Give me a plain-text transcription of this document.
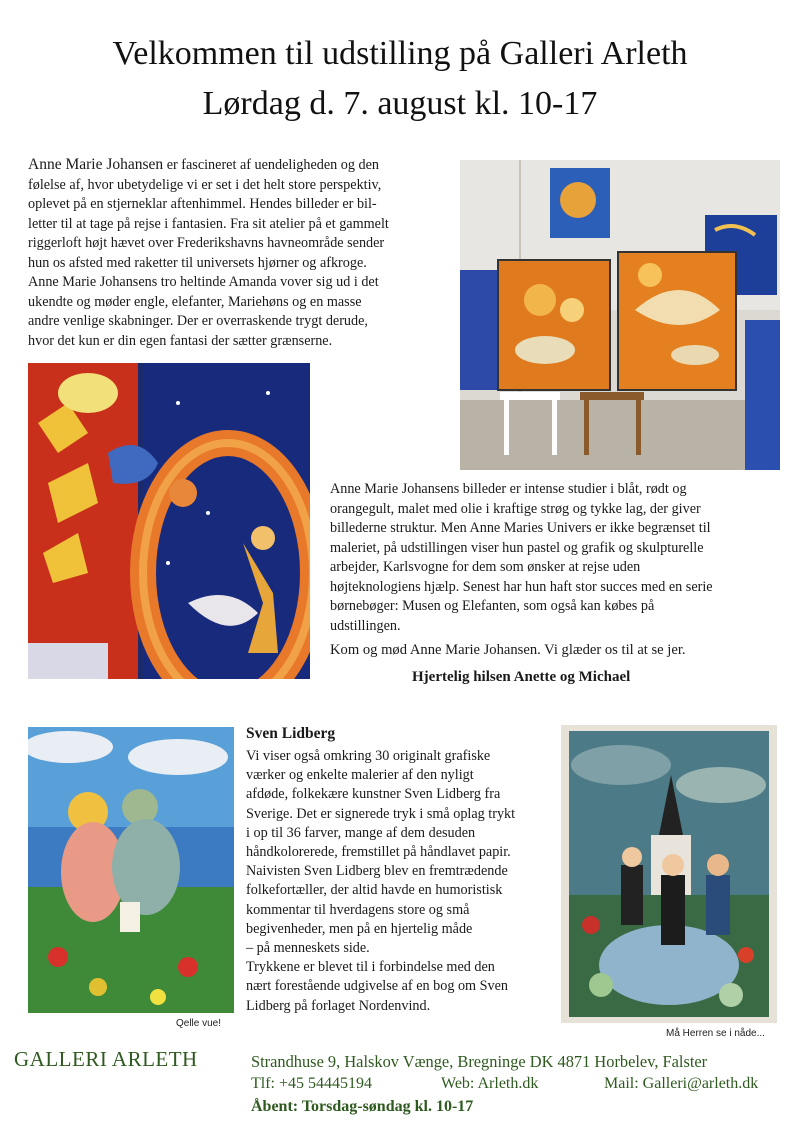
Velkommen til udstilling på Galleri Arleth
Lørdag d. 7. august kl. 10-17
Anne Marie Johansen er fascineret af uendeligheden og den
følelse af, hvor ubetydelige vi er set i det helt store perspektiv,
oplevet på en stjerneklar aftenhimmel. Hendes billeder er bil-
letter til at tage på rejse i fantasien. Fra sit atelier på et gammelt
riggerloft højt hævet over Frederikshavns havneområde sender
hun os afsted med raketter til universets hjørner og afkroge.
Anne Marie Johansens tro heltinde Amanda vover sig ud i det
ukendte og møder engle, elefanter, Mariehøns og en masse
andre venlige skabninger. Der er overraskende trygt derude,
hvor det kun er din egen fantasi der sætter grænserne.
Anne Marie Johansens billeder er intense studier i blåt, rødt og
orangegult, malet med olie i kraftige strøg og tykke lag, der giver
billederne struktur. Men Anne Maries Univers er ikke begrænset til
maleriet, på udstillingen viser hun pastel og grafik og skulpturelle
arbejder, Karlsvogne for dem som ønsker at rejse uden
højteknologiens hjælp. Senest har hun haft stor succes med en serie
børnebøger: Musen og Elefanten, som også kan købes på
udstillingen.
Kom og mød Anne Marie Johansen. Vi glæder os til at se jer.
Hjertelig hilsen Anette og Michael
Qelle vue!
Sven Lidberg
Vi viser også omkring 30 originalt grafiske
værker og enkelte malerier af den nyligt
afdøde, folkekære kunstner Sven Lidberg fra
Sverige. Det er signerede tryk i små oplag trykt
i op til 36 farver, mange af dem desuden
håndkolorerede, fremstillet på håndlavet papir.
Naivisten Sven Lidberg blev en fremtrædende
folkefortæller, der altid havde en humoristisk
kommentar til hverdagens store og små
begivenheder, men på en hjertelig måde
– på menneskets side.
Trykkene er blevet til i forbindelse med den
nært forestående udgivelse af en bog om Sven
Lidberg på forlaget Nordenvind.
Må Herren se i nåde...
GALLERI ARLETH	Strandhuse 9, Halskov Vænge, Bregninge DK 4871 Horbelev, Falster
Tlf: +45 54445194	Web: Arleth.dk	Mail: Galleri@arleth.dk
Åbent: Torsdag-søndag kl. 10-17
